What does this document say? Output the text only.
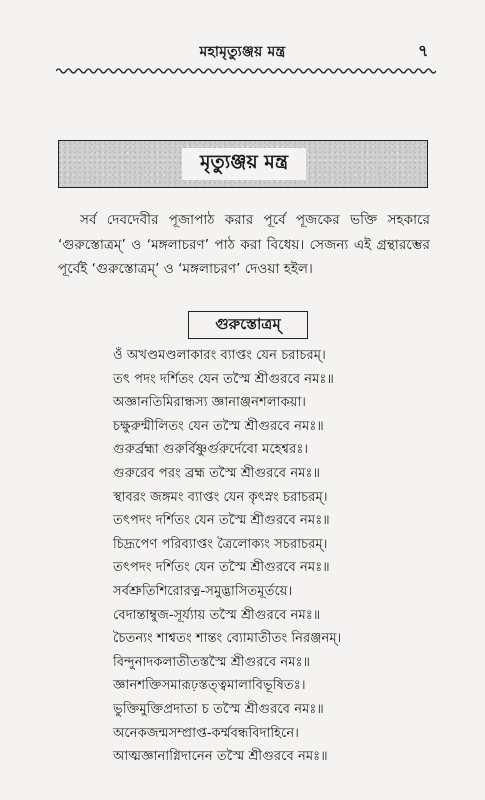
মহামৃত্যুঞ্জয় মন্ত্র	৭
মৃত্যুঞ্জয় মন্ত্র

সর্ব দেবদেবীর পূজাপাঠ করার পূর্বে পূজকের ভক্তি সহকারে ‘গুরুস্তোত্রম্’ ও ‘মঙ্গলাচরণ’ পাঠ করা বিধেয়। সেজন্য এই গ্রন্থারম্ভের পূর্বেই ‘গুরুস্তোত্রম্’ ও ‘মঙ্গলাচরণ’ দেওয়া হইল।

গুরুস্তোত্রম্
ওঁ অখণ্ডমণ্ডলাকারং ব্যাপ্তং যেন চরাচরম্।
তৎ পদং দর্শিতং যেন তস্মৈ শ্রীগুরবে নমঃ॥
অজ্ঞানতিমিরান্ধস্য জ্ঞানাঞ্জনশলাকয়া।
চক্ষুরুন্মীলিতং যেন তস্মৈ শ্রীগুরবে নমঃ॥
গুরুর্ব্রহ্মা গুরুর্বিষ্ণুর্গুরুর্দেবো মহেশ্বরঃ।
গুরুরেব পরং ব্রহ্ম তস্মৈ শ্রীগুরবে নমঃ॥
স্থাবরং জঙ্গমং ব্যাপ্তং যেন কৃৎস্নং চরাচরম্।
তৎপদং দর্শিতং যেন তস্মৈ শ্রীগুরবে নমঃ॥
চিদ্রূপেণ পরিব্যাপ্তং ত্রৈলোক্যং সচরাচরম্।
তৎপদং দর্শিতং যেন তস্মৈ শ্রীগুরবে নমঃ॥
সর্বশ্রুতিশিরোরত্ন-সমুদ্ভাসিতমূর্তয়ে।
বেদান্তাম্বুজ-সূর্য্যায় তস্মৈ শ্রীগুরবে নমঃ॥
চৈতন্যং শাশ্বতং শান্তং ব্যোমাতীতং নিরঞ্জনম্।
বিন্দুনাদকলাতীতস্তস্মৈ শ্রীগুরবে নমঃ॥
জ্ঞানশক্তিসমারূঢ়স্তত্ত্বমালাবিভূষিতঃ।
ভুক্তিমুক্তিপ্রদাতা চ তস্মৈ শ্রীগুরবে নমঃ॥
অনেকজন্মসম্প্রাপ্ত-কর্ম্মবন্ধবিদাহিনে।
আত্মজ্ঞানাগ্নিদানেন তস্মৈ শ্রীগুরবে নমঃ॥
